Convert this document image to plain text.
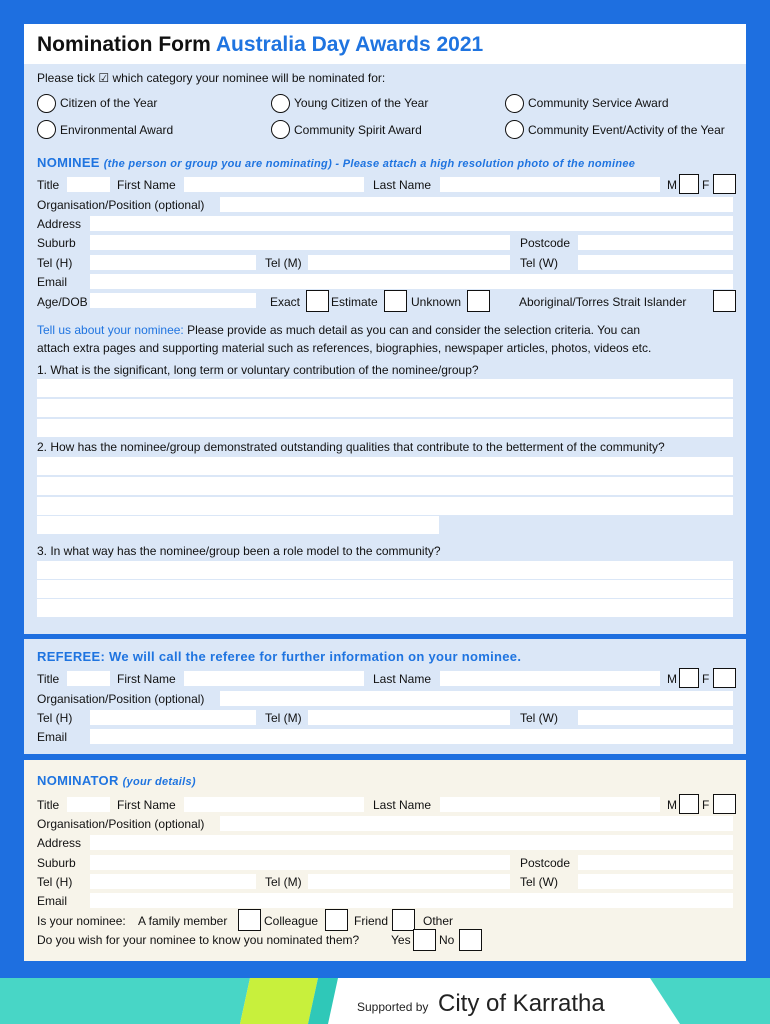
Nomination Form Australia Day Awards 2021
Please tick ☑ which category your nominee will be nominated for:
Citizen of the Year	Young Citizen of the Year	Community Service Award
Environmental Award	Community Spirit Award	Community Event/Activity of the Year
NOMINEE (the person or group you are nominating) - Please attach a high resolution photo of the nominee
Title	First Name	Last Name	M F
Organisation/Position (optional)
Address
Suburb	Postcode
Tel (H)	Tel (M)	Tel (W)
Email
Age/DOB	Exact	Estimate	Unknown	Aboriginal/Torres Strait Islander
Tell us about your nominee: Please provide as much detail as you can and consider the selection criteria. You can
attach extra pages and supporting material such as references, biographies, newspaper articles, photos, videos etc.
1. What is the significant, long term or voluntary contribution of the nominee/group?
2. How has the nominee/group demonstrated outstanding qualities that contribute to the betterment of the community?
3. In what way has the nominee/group been a role model to the community?
REFEREE: We will call the referee for further information on your nominee.
Title	First Name	Last Name	M F
Organisation/Position (optional)
Tel (H)	Tel (M)	Tel (W)
Email
NOMINATOR (your details)
Title	First Name	Last Name	M F
Organisation/Position (optional)
Address
Suburb	Postcode
Tel (H)	Tel (M)	Tel (W)
Email
Is your nominee: A family member	Colleague	Friend	Other
Do you wish for your nominee to know you nominated them?	Yes No
Supported by City of Karratha
